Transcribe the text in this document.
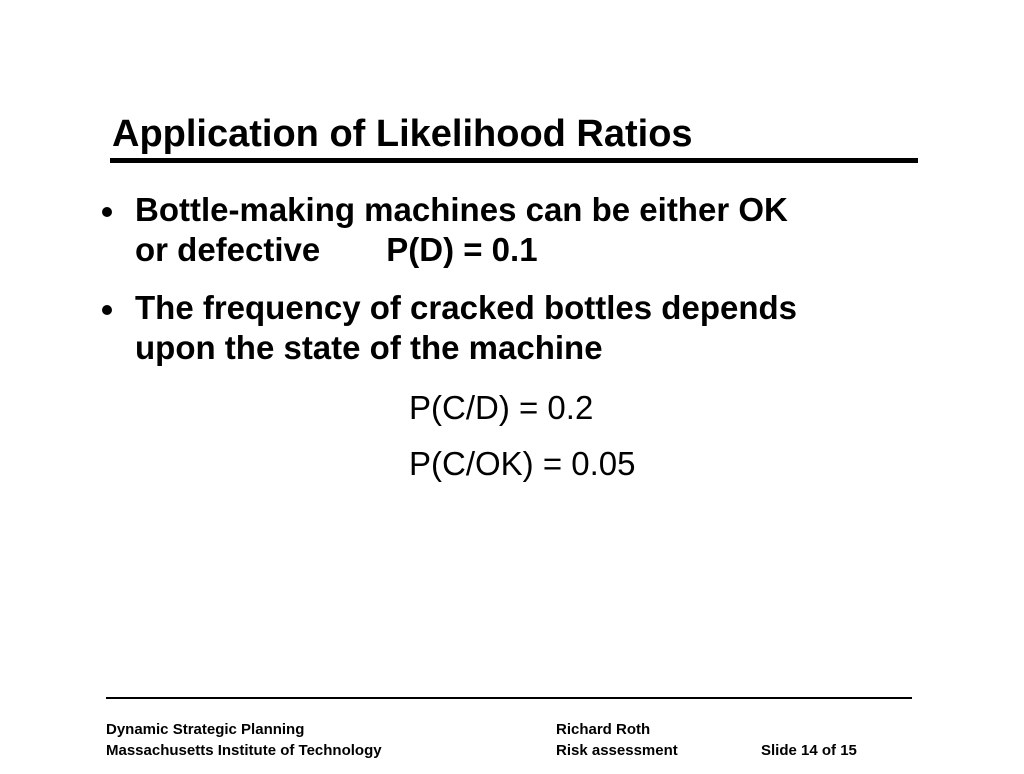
Application of Likelihood Ratios
Bottle-making machines can be either OK
or defective P(D) = 0.1
The frequency of cracked bottles depends
upon the state of the machine
P(C/D) = 0.2
P(C/OK) = 0.05
Dynamic Strategic Planning
Massachusetts Institute of Technology
Richard Roth
Risk assessment	Slide 14 of 15
